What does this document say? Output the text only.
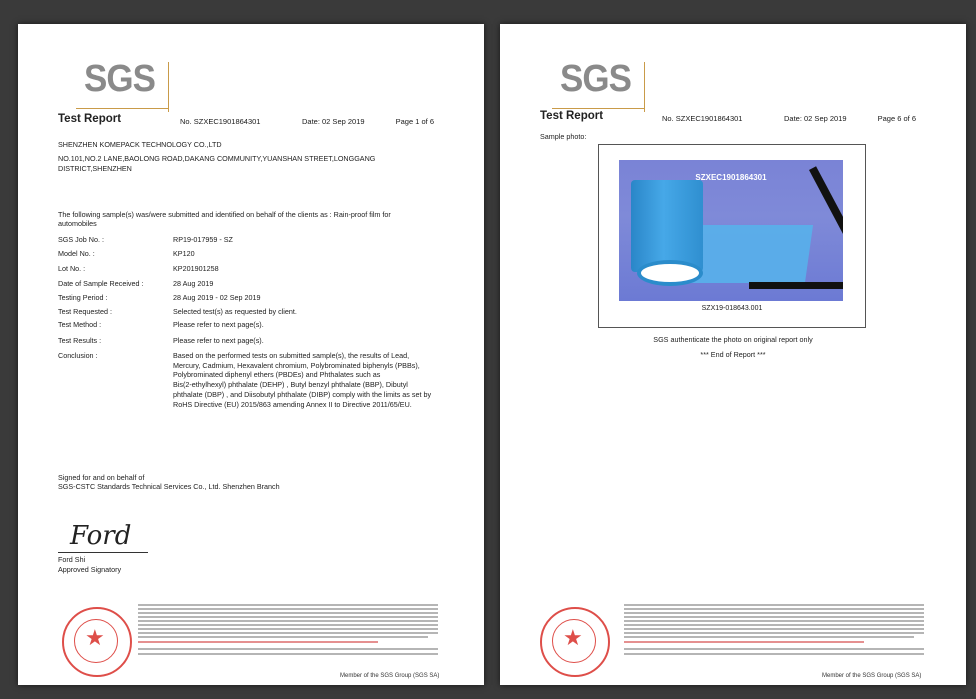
SGS
Test Report	No. SZXEC1901864301	Date: 02 Sep 2019	Page 1 of 6
SHENZHEN KOMEPACK TECHNOLOGY CO.,LTD
NO.101,NO.2 LANE,BAOLONG ROAD,DAKANG COMMUNITY,YUANSHAN STREET,LONGGANG
DISTRICT,SHENZHEN
The following sample(s) was/were submitted and identified on behalf of the clients as : Rain-proof film for
automobiles
SGS Job No. :	RP19-017959 - SZ
Model No. :	KP120
Lot No. :	KP201901258
Date of Sample Received :	28 Aug 2019
Testing Period :	28 Aug 2019 - 02 Sep 2019
Test Requested :	Selected test(s) as requested by client.
Test Method :	Please refer to next page(s).
Test Results :	Please refer to next page(s).
Conclusion :	Based on the performed tests on submitted sample(s), the results of Lead,
Mercury, Cadmium, Hexavalent chromium, Polybrominated biphenyls (PBBs),
Polybrominated diphenyl ethers (PBDEs) and Phthalates such as
Bis(2-ethylhexyl) phthalate (DEHP) , Butyl benzyl phthalate (BBP), Dibutyl
phthalate (DBP) , and Diisobutyl phthalate (DIBP) comply with the limits as set by
RoHS Directive (EU) 2015/863 amending Annex II to Directive 2011/65/EU.
Signed for and on behalf of
SGS-CSTC Standards Technical Services Co., Ltd. Shenzhen Branch
Ford
Ford Shi
Approved Signatory
★
Member of the SGS Group (SGS SA)
SGS
Test Report	No. SZXEC1901864301	Date: 02 Sep 2019	Page 6 of 6
Sample photo:
SZXEC1901864301
SZX19-018643.001
SGS authenticate the photo on original report only
*** End of Report ***
★
Member of the SGS Group (SGS SA)
